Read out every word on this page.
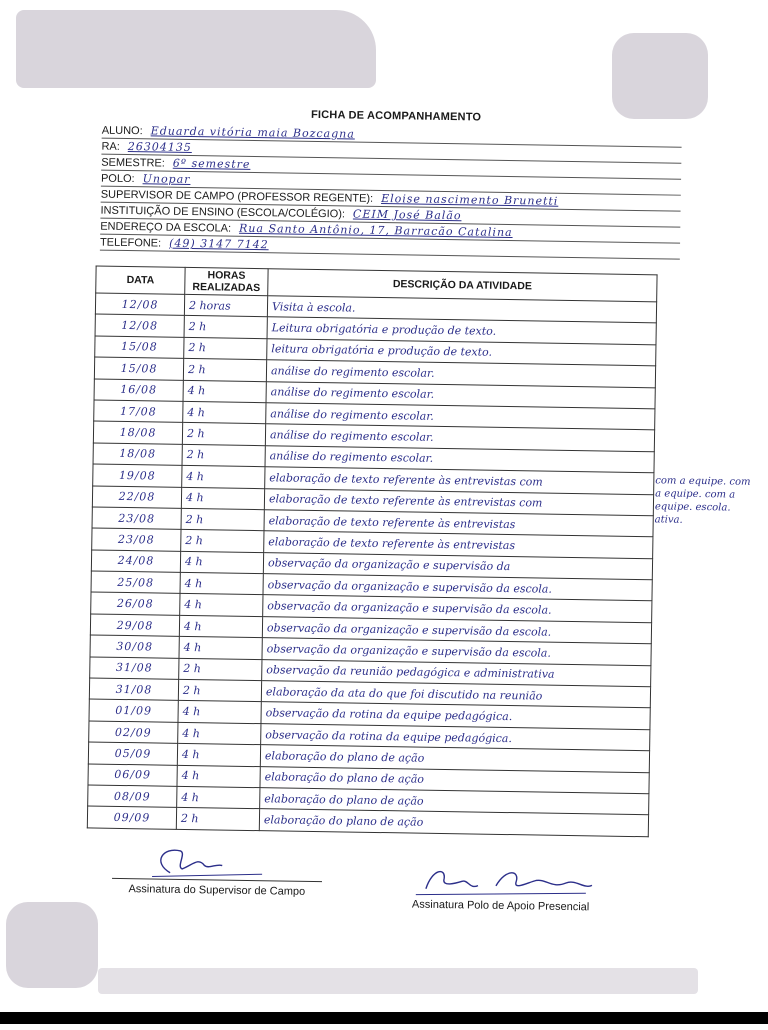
FICHA DE ACOMPANHAMENTO
ALUNO: Eduarda vitória maia Bozcagna
RA: 26304135
SEMESTRE: 6º semestre
POLO: Unopar
SUPERVISOR DE CAMPO (PROFESSOR REGENTE): Eloise nascimento Brunetti
INSTITUIÇÃO DE ENSINO (ESCOLA/COLÉGIO): CEIM José Balão
ENDEREÇO DA ESCOLA: Rua Santo Antônio, 17, Barracão Catalina
TELEFONE: (49) 3147 7142
DATA	HORAS REALIZADAS	DESCRIÇÃO DA ATIVIDADE
12/08	2 horas	Visita à escola.
12/08	2 h	Leitura obrigatória e produção de texto.
15/08	2 h	leitura obrigatória e produção de texto.
15/08	2 h	análise do regimento escolar.
16/08	4 h	análise do regimento escolar.
17/08	4 h	análise do regimento escolar.
18/08	2 h	análise do regimento escolar.
18/08	2 h	análise do regimento escolar.
19/08	4 h	elaboração de texto referente às entrevistas com
22/08	4 h	elaboração de texto referente às entrevistas com
23/08	2 h	elaboração de texto referente às entrevistas
23/08	2 h	elaboração de texto referente às entrevistas
24/08	4 h	observação da organização e supervisão da
25/08	4 h	observação da organização e supervisão da escola.
26/08	4 h	observação da organização e supervisão da escola.
29/08	4 h	observação da organização e supervisão da escola.
30/08	4 h	observação da organização e supervisão da escola.
31/08	2 h	observação da reunião pedagógica e administrativa
31/08	2 h	elaboração da ata do que foi discutido na reunião
01/09	4 h	observação da rotina da equipe pedagógica.
02/09	4 h	observação da rotina da equipe pedagógica.
05/09	4 h	elaboração do plano de ação
06/09	4 h	elaboração do plano de ação
08/09	4 h	elaboração do plano de ação
09/09	2 h	elaboração do plano de ação
com a equipe. com a equipe. com a equipe. escola. ativa.
Assinatura do Supervisor de Campo
Assinatura Polo de Apoio Presencial
